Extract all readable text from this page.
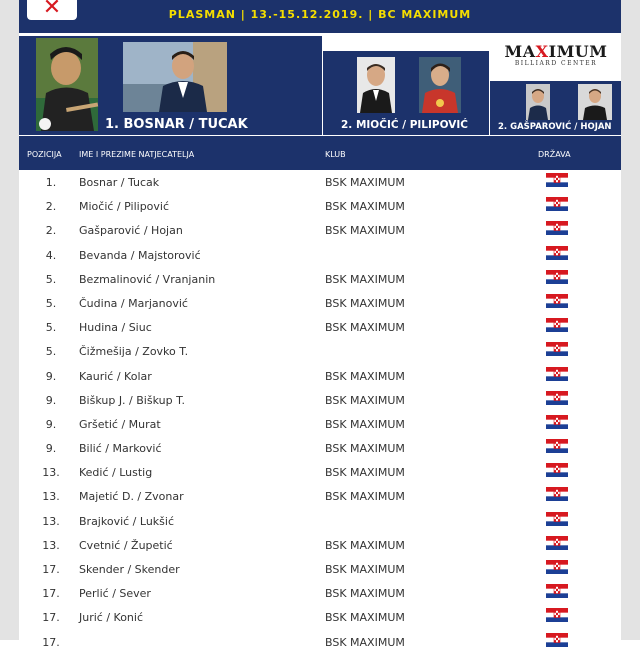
✕	PLASMAN | 13.-15.12.2019. | BC MAXIMUM
1. BOSNAR / TUCAK
MAXIMUM
BILLIARD CENTER
2. MIOČIĆ / PILIPOVIĆ	2. GAŠPAROVIĆ / HOJAN
POZICIJA IME I PREZIME NATJECATELJA	KLUB	DRŽAVA
1.	Bosnar / Tucak	BSK MAXIMUM
2.	Miočić / Pilipović	BSK MAXIMUM
2.	Gašparović / Hojan	BSK MAXIMUM
4.	Bevanda / Majstorović
5.	Bezmalinović / Vranjanin	BSK MAXIMUM
5.	Čudina / Marjanović	BSK MAXIMUM
5.	Hudina / Siuc	BSK MAXIMUM
5.	Čižmešija / Zovko T.
9.	Kaurić / Kolar	BSK MAXIMUM
9.	Biškup J. / Biškup T.	BSK MAXIMUM
9.	Gršetić / Murat	BSK MAXIMUM
9.	Bilić / Marković	BSK MAXIMUM
13. Kedić / Lustig	BSK MAXIMUM
13. Majetić D. / Zvonar	BSK MAXIMUM
13. Brajković / Lukšić
13. Cvetnić / Župetić	BSK MAXIMUM
17. Skender / Skender	BSK MAXIMUM
17. Perlić / Sever	BSK MAXIMUM
17. Jurić / Konić	BSK MAXIMUM
17.	BSK MAXIMUM
